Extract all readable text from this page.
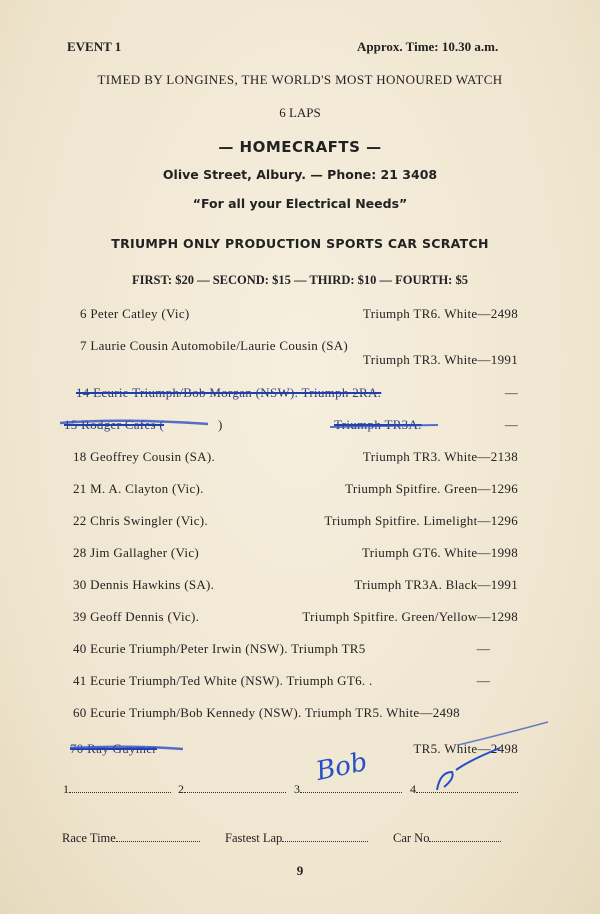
EVENT 1	Approx. Time: 10.30 a.m.
TIMED BY LONGINES, THE WORLD'S MOST HONOURED WATCH
6 LAPS
— HOMECRAFTS —
Olive Street, Albury. — Phone: 21 3408
“For all your Electrical Needs”
TRIUMPH ONLY PRODUCTION SPORTS CAR SCRATCH
FIRST: $20 — SECOND: $15 — THIRD: $10 — FOURTH: $5
6 Peter Catley (Vic)	Triumph TR6. White—2498
7 Laurie Cousin Automobile/Laurie Cousin (SA)
Triumph TR3. White—1991
14 Ecurie Triumph/Bob Morgan (NSW). Triumph 2RA.	—
15 Rodger Cafes (	)	Triumph TR3A.	—
18 Geoffrey Cousin (SA).	Triumph TR3. White—2138
21 M. A. Clayton (Vic).	Triumph Spitfire. Green—1296
22 Chris Swingler (Vic).	Triumph Spitfire. Limelight—1296
28 Jim Gallagher (Vic)	Triumph GT6. White—1998
30 Dennis Hawkins (SA).	Triumph TR3A. Black—1991
39 Geoff Dennis (Vic).	Triumph Spitfire. Green/Yellow—1298
40 Ecurie Triumph/Peter Irwin (NSW). Triumph TR5	—
41 Ecurie Triumph/Ted White (NSW). Triumph GT6. .	—
60 Ecurie Triumph/Bob Kennedy (NSW). Triumph TR5. White—2498
70 Ray Guymer	TR5. White—2498
1	2	3	4
Bob
Race Time	Fastest Lap	Car No
9
